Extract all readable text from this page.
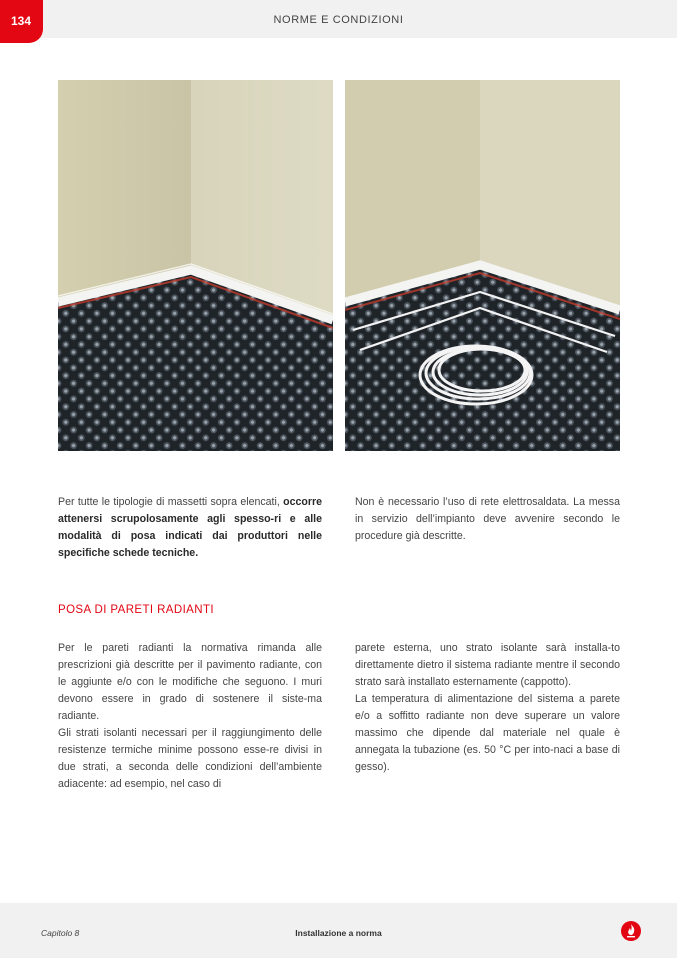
NORME E CONDIZIONI
134

Per tutte le tipologie di massetti sopra elencati, occorre attenersi scrupolosamente agli spesso-ri e alle modalità di posa indicati dai produttori nelle specifiche schede tecniche.

Non è necessario l’uso di rete elettrosaldata. La messa in servizio dell’impianto deve avvenire secondo le procedure già descritte.

POSA DI PARETI RADIANTI

Per le pareti radianti la normativa rimanda alle prescrizioni già descritte per il pavimento radiante, con le aggiunte e/o con le modifiche che seguono. I muri devono essere in grado di sostenere il siste-ma radiante.

Gli strati isolanti necessari per il raggiungimento delle resistenze termiche minime possono esse-re divisi in due strati, a seconda delle condizioni dell’ambiente adiacente: ad esempio, nel caso di

parete esterna, uno strato isolante sarà installa-to direttamente dietro il sistema radiante mentre il secondo strato sarà installato esternamente (cappotto).

La temperatura di alimentazione del sistema a parete e/o a soffitto radiante non deve superare un valore massimo che dipende dal materiale nel quale è annegata la tubazione (es. 50 °C per into-naci a base di gesso).

Capitolo 8	Installazione a norma
